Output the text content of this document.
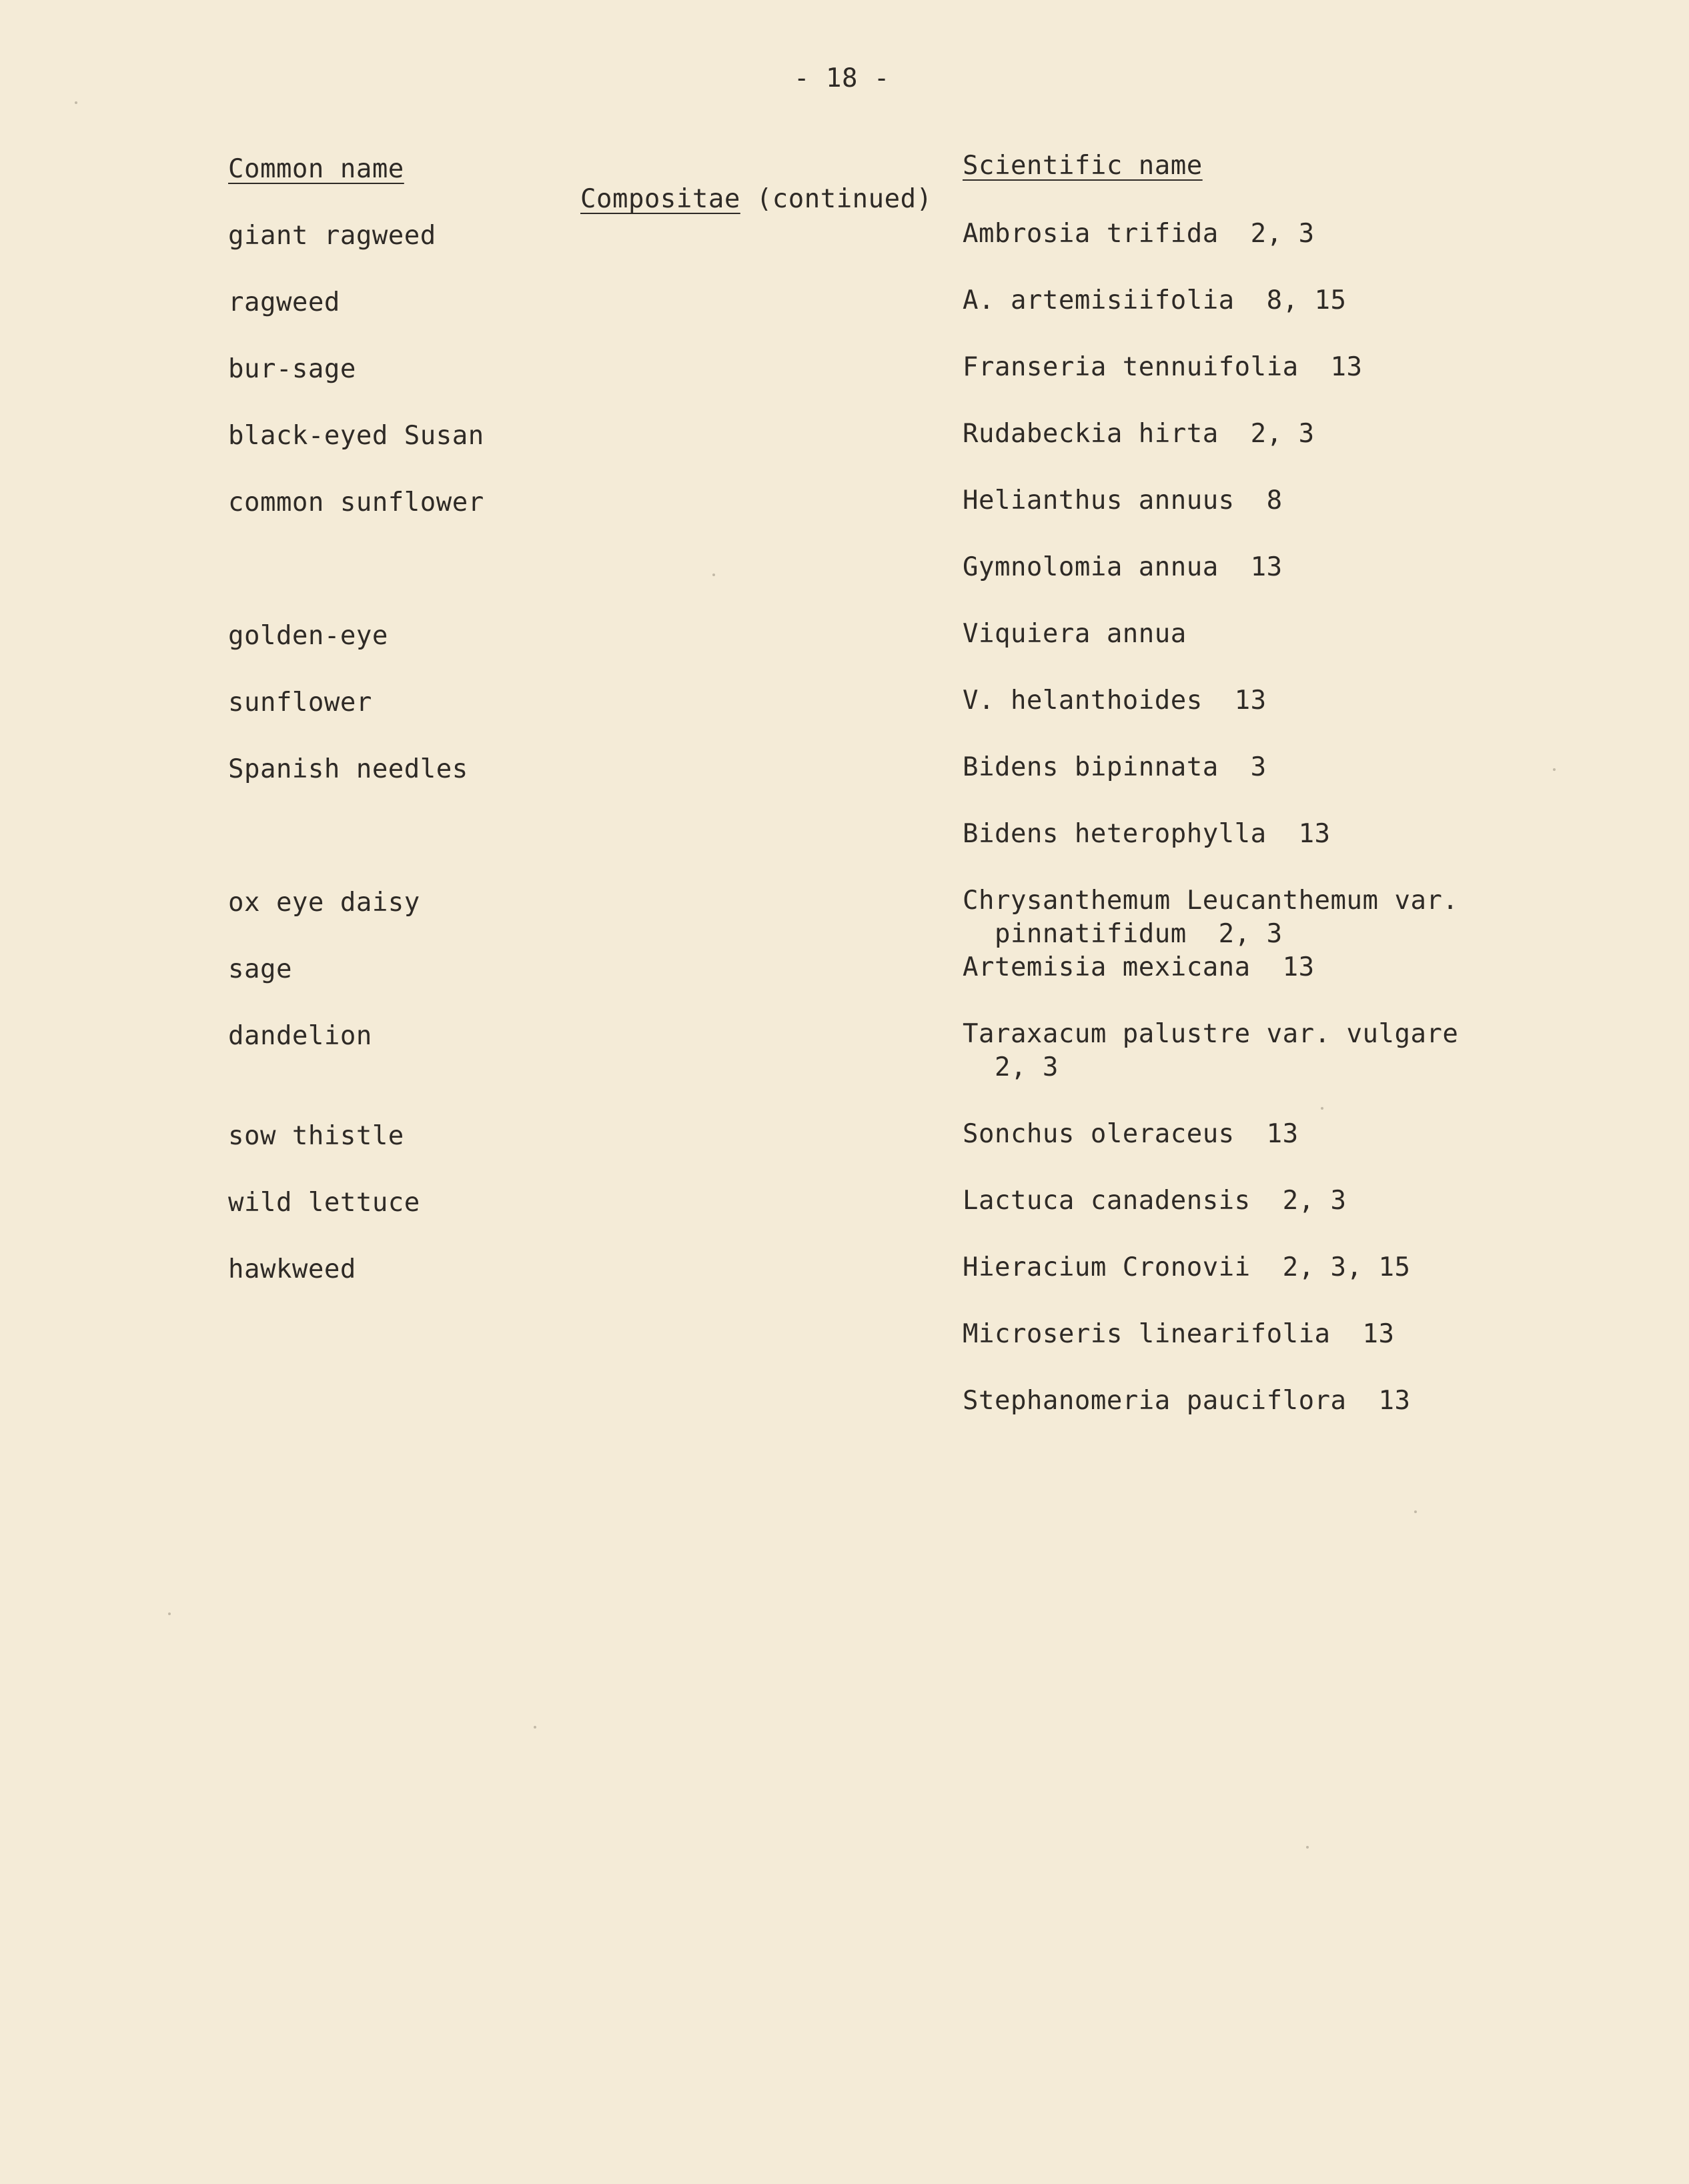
- 18 -
Common name	Scientific name
Compositae (continued)
giant ragweed
ragweed
bur-sage
black-eyed Susan
common sunflower
golden-eye
sunflower
Spanish needles
ox eye daisy
sage
dandelion
sow thistle
wild lettuce
hawkweed
Ambrosia trifida  2, 3
A. artemisiifolia  8, 15
Franseria tennuifolia  13
Rudabeckia hirta  2, 3
Helianthus annuus  8
Gymnolomia annua  13
Viquiera annua
V. helanthoides  13
Bidens bipinnata  3
Bidens heterophylla  13
Chrysanthemum Leucanthemum var.
pinnatifidum  2, 3
Artemisia mexicana  13
Taraxacum palustre var. vulgare
2, 3
Sonchus oleraceus  13
Lactuca canadensis  2, 3
Hieracium Cronovii  2, 3, 15
Microseris linearifolia  13
Stephanomeria pauciflora  13
